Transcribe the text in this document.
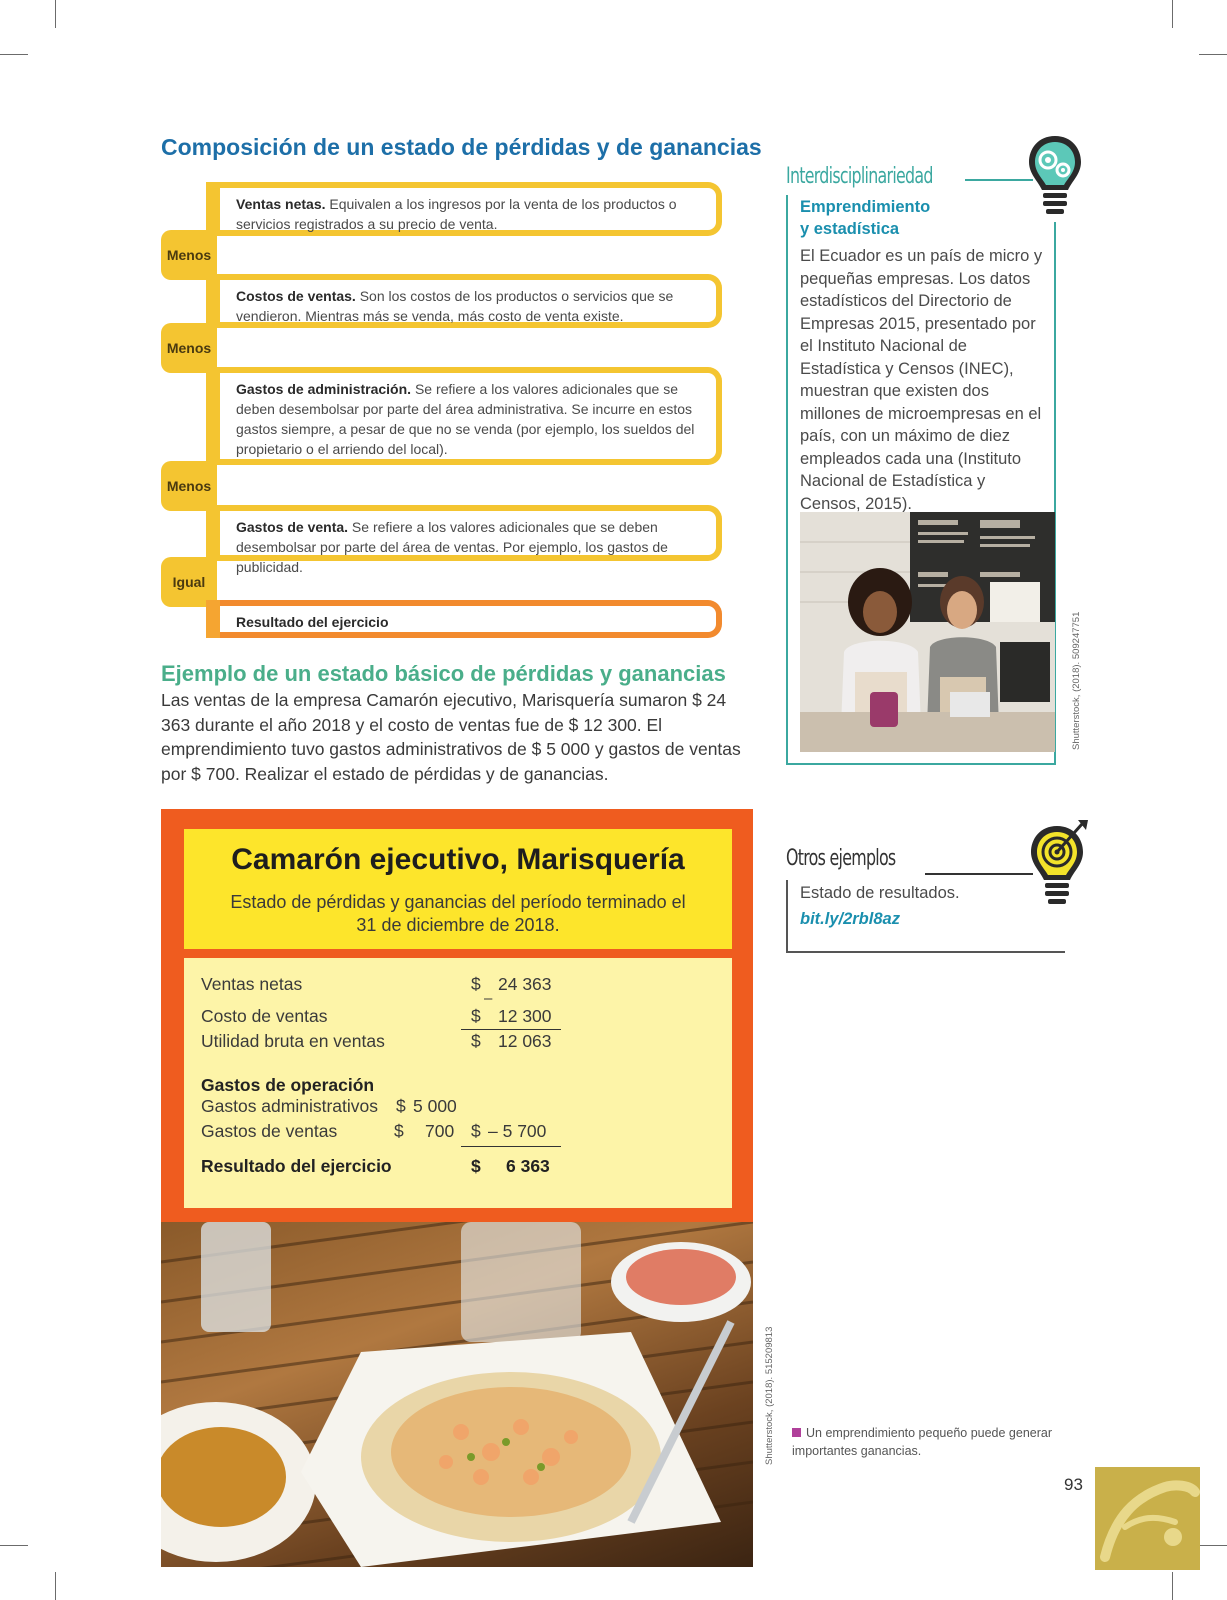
Composición de un estado de pérdidas y de ganancias
Ventas netas. Equivalen a los ingresos por la venta de los productos o servicios registrados a su precio de venta.
Menos
Costos de ventas. Son los costos de los productos o servicios que se vendieron. Mientras más se venda, más costo de venta existe.
Menos
Gastos de administración. Se refiere a los valores adicionales que se deben desembolsar por parte del área administrativa. Se incurre en estos gastos siempre, a pesar de que no se venda (por ejemplo, los sueldos del propietario o el arriendo del local).
Menos
Gastos de venta. Se refiere a los valores adicionales que se deben desembolsar por parte del área de ventas. Por ejemplo, los gastos de publicidad.
Igual
Resultado del ejercicio
Ejemplo de un estado básico de pérdidas y ganancias
Las ventas de la empresa Camarón ejecutivo, Marisquería sumaron $ 24 363 durante el año 2018 y el costo de ventas fue de $ 12 300. El emprendimiento tuvo gastos administrativos de $ 5 000 y gastos de ventas por $ 700. Realizar el estado de pérdidas y de ganancias.
Camarón ejecutivo, Marisquería
Estado de pérdidas y ganancias del período terminado el 31 de diciembre de 2018.
Ventas netas	$ 24 363
–
Costo de ventas	$ 12 300
Utilidad bruta en ventas	$ 12 063
Gastos de operación
Gastos administrativos $ 5 000
Gastos de ventas	$ 700 $ – 5 700
Resultado del ejercicio	$ 6 363
Shutterstock, (2018). 515209813
Interdisciplinariedad
Emprendimiento
y estadística
El Ecuador es un país de micro y pequeñas empresas. Los datos estadísticos del Directorio de Empresas 2015, presentado por el Instituto Nacional de Estadística y Censos (INEC), muestran que existen dos millones de microempresas en el país, con un máximo de diez empleados cada una (Instituto Nacional de Estadística y Censos, 2015).
Shutterstock, (2018). 509247751
Otros ejemplos
Estado de resultados.
bit.ly/2rbl8az
Un emprendimiento pequeño puede generar importantes ganancias.
93
